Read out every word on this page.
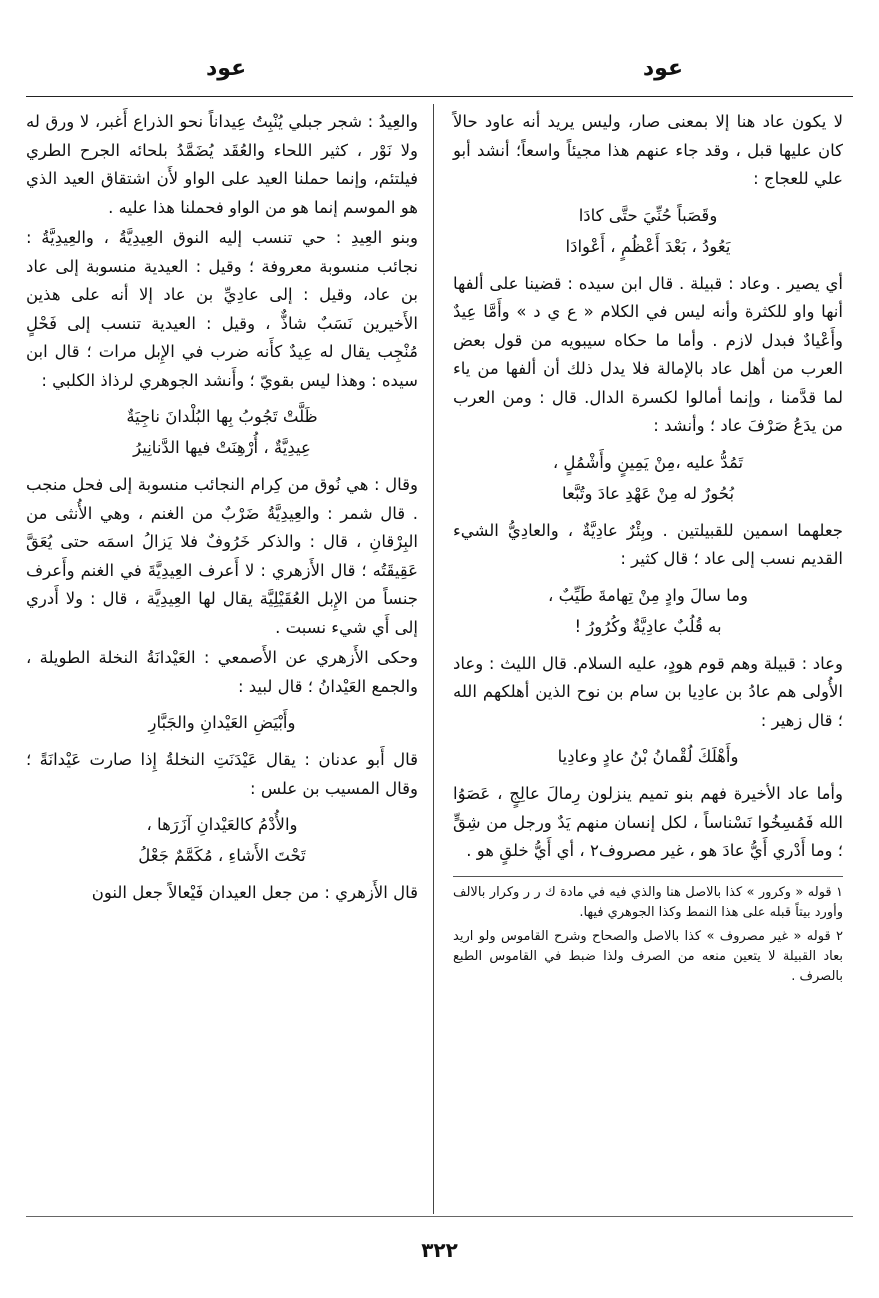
عود
عود

لا يكون عاد هنا إلا بمعنى صار، وليس يريد أنه عاود حالاً كان عليها قبل ، وقد جاء عنهم هذا مجيئاً واسعاً؛ أنشد أبو علي للعجاج :

وقَصَباً حُنِّيَ حتَّى كادَا
يَعُودُ ، بَعْدَ أَعْظُمٍ ، أَعْوادَا

أي يصير . وعاد : قبيلة . قال ابن سيده : قضينا على ألفها أنها واو للكثرة وأنه ليس في الكلام « ع ي د » وأَمَّا عِيدٌ وأَعْيادٌ فبدل لازم . وأما ما حكاه سيبويه من قول بعض العرب من أهل عاد بالإمالة فلا يدل ذلك أن ألفها من ياء لما قدَّمنا ، وإنما أمالوا لكسرة الدال. قال : ومن العرب من يدَعُ صَرْفَ عاد ؛ وأنشد :

تَمُدُّ عليه ،مِنْ يَمِينٍ وأَشْمُلٍ ،
بُحُورٌ له مِنْ عَهْدِ عادَ وتُبَّعا

جعلهما اسمين للقبيلتين . وبِئْرٌ عادِيَّةٌ ، والعادِيُّ الشيء القديم نسب إلى عاد ؛ قال كثير :

وما سالَ وادٍ مِنْ تِهامةَ طَيِّبٌ ،
به قُلُبٌ عادِيَّةٌ وكُرُورُ !

وعاد : قبيلة وهم قوم هودٍ، عليه السلام. قال الليث : وعاد الأُولى هم عادُ بن عادِيا بن سام بن نوح الذين أهلكهم الله ؛ قال زهير :

وأَهْلَكَ لُقْمانُ بْنُ عادٍ وعادِيا

وأما عاد الأخيرة فهم بنو تميم ينزلون رِمالَ عالِجٍ ، عَصَوُا الله فَمُسِخُوا نَسْناساً ، لكل إنسان منهم يَدٌ ورجل من شِقٍّ ؛ وما أَدْري أَيُّ عادَ هو ، غير مصروف٢ ، أي أَيُّ خلقٍ هو .

١ قوله « وكرور » كذا بالاصل هنا والذي فيه في مادة ك ر ر وكرار بالالف وأورد بيتاً قبله على هذا النمط وكذا الجوهري فيها.

٢ قوله « غير مصروف » كذا بالاصل والصحاح وشرح القاموس ولو اريد بعاد القبيلة لا يتعين منعه من الصرف ولذا ضبط في القاموس الطبع بالصرف .

والعِيدُ : شجر جبلي يُنْبِتُ عِيداناً نحو الذراع أَغبر، لا ورق له ولا نَوْر ، كثير اللحاء والعُقَد يُضَمَّدُ بلحائه الجرح الطري فيلتئم، وإنما حملنا العيد على الواو لأَن اشتقاق العيد الذي هو الموسم إنما هو من الواو فحملنا هذا عليه .

وبنو العِيدِ : حي تنسب إليه النوق العِيدِيَّةُ ، والعِيدِيَّةُ : نجائب منسوبة معروفة ؛ وقيل : العيدية منسوبة إلى عاد بن عاد، وقيل : إلى عادِيِّ بن عاد إلا أنه على هذين الأَخيرين نَسَبٌ شاذٌّ ، وقيل : العيدية تنسب إلى فَحْلٍ مُنْجِب يقال له عِيدٌ كأَنه ضرب في الإِبل مرات ؛ قال ابن سيده : وهذا ليس بقويّ ؛ وأَنشد الجوهري لرذاذ الكلبي :

ظَلَّتْ تَجُوبُ بِها البُلْدانَ ناجِيَةٌ
عِيدِيَّةٌ ، أُرْهِنَتْ فيها الدَّنانِيرُ

وقال : هي نُوق من كِرام النجائب منسوبة إلى فحل منجب . قال شمر : والعِيدِيَّةُ ضَرْبٌ من الغنم ، وهي الأُنثى من البِرْقانِ ، قال : والذكر خَرُوفٌ فلا يَزالُ اسمَه حتى يُعَقَّ عَقِيقَتُه ؛ قال الأَزهري : لا أَعرف العِيدِيَّةَ في الغنم وأَعرف جنساً من الإِبل العُقَيْلِيَّة يقال لها العِيدِيَّة ، قال : ولا أَدري إلى أَي شيء نسبت .

وحكى الأَزهري عن الأَصمعي : العَيْدانَةُ النخلة الطويلة ، والجمع العَيْدانُ ؛ قال لبيد :

وأَبْيَضِ العَيْدانِ والجَبَّارِ

قال أَبو عدنان : يقال عَيْدَنَتِ النخلةُ إِذا صارت عَيْدانَةً ؛ وقال المسيب بن علس :

والأُدْمُ كالعَيْدانِ آزَرَها ،
تَحْتَ الأَشاءِ ، مُكَمَّمٌ جَعْلُ

قال الأَزهري : من جعل العيدان فَيْعالاً جعل النون

٣٢٢
